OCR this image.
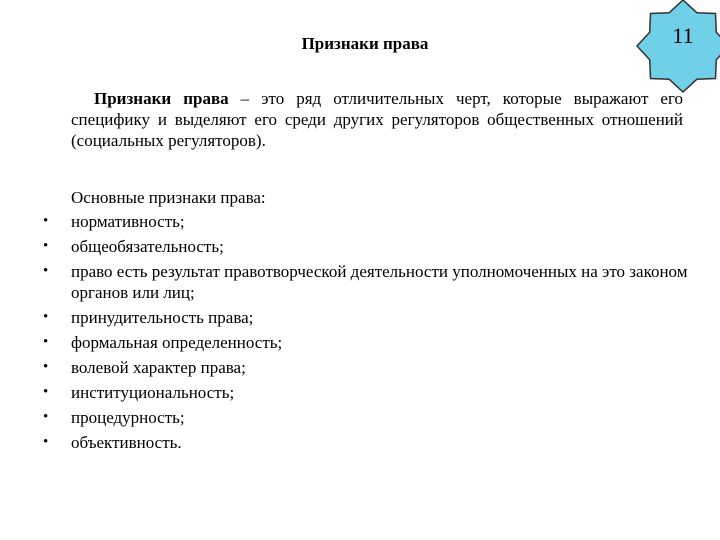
Признаки права	11

Признаки права – это ряд отличительных черт, которые выражают его специфику и выделяют его среди других регуляторов общественных отношений (социальных регуляторов).

Основные признаки права:
• нормативность;
• общеобязательность;
• право есть результат правотворческой деятельности уполномоченных на это законом органов или лиц;
• принудительность права;
• формальная определенность;
• волевой характер права;
• институциональность;
• процедурность;
• объективность.
